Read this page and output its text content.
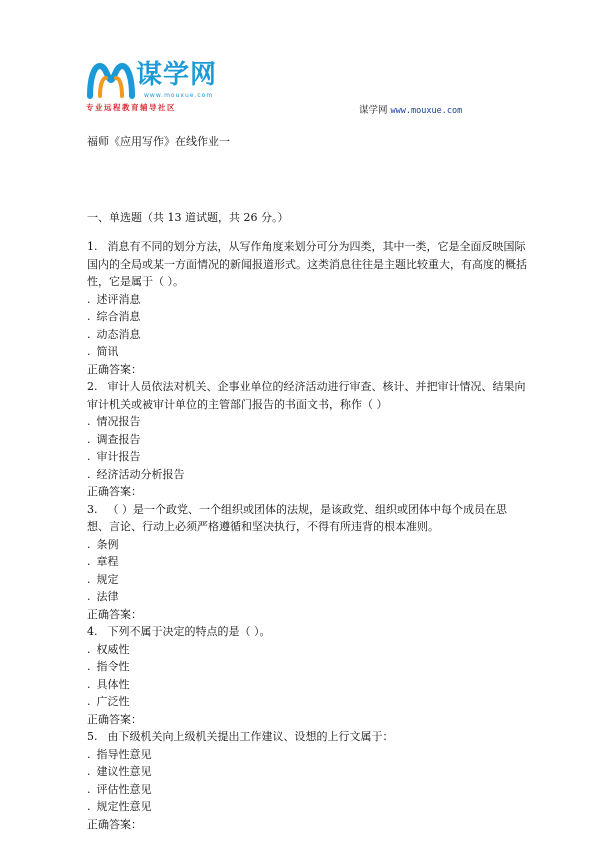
谋学网
www.mouxue.com
专业远程教育辅导社区	谋学网 www.mouxue.com
福师《应用写作》在线作业一
一、单选题（共 13 道试题，共 26 分。）

1. 消息有不同的划分方法，从写作角度来划分可分为四类，其中一类，它是全面反映国际国内的全局或某一方面情况的新闻报道形式。这类消息往往是主题比较重大，有高度的概括性，它是属于（ ）。

. 述评消息

. 综合消息

. 动态消息

. 简讯

正确答案：

2. 审计人员依法对机关、企事业单位的经济活动进行审查、核计、并把审计情况、结果向审计机关或被审计单位的主管部门报告的书面文书，称作（ ）

. 情况报告

. 调查报告

. 审计报告

. 经济活动分析报告

正确答案：

3. （ ）是一个政党、一个组织或团体的法规，是该政党、组织或团体中每个成员在思想、言论、行动上必须严格遵循和坚决执行，不得有所违背的根本准则。

. 条例

. 章程

. 规定

. 法律

正确答案：

4. 下列不属于决定的特点的是（ ）。

. 权威性

. 指令性

. 具体性

. 广泛性

正确答案：

5. 由下级机关向上级机关提出工作建议、设想的上行文属于：

. 指导性意见

. 建议性意见

. 评估性意见

. 规定性意见

正确答案：
